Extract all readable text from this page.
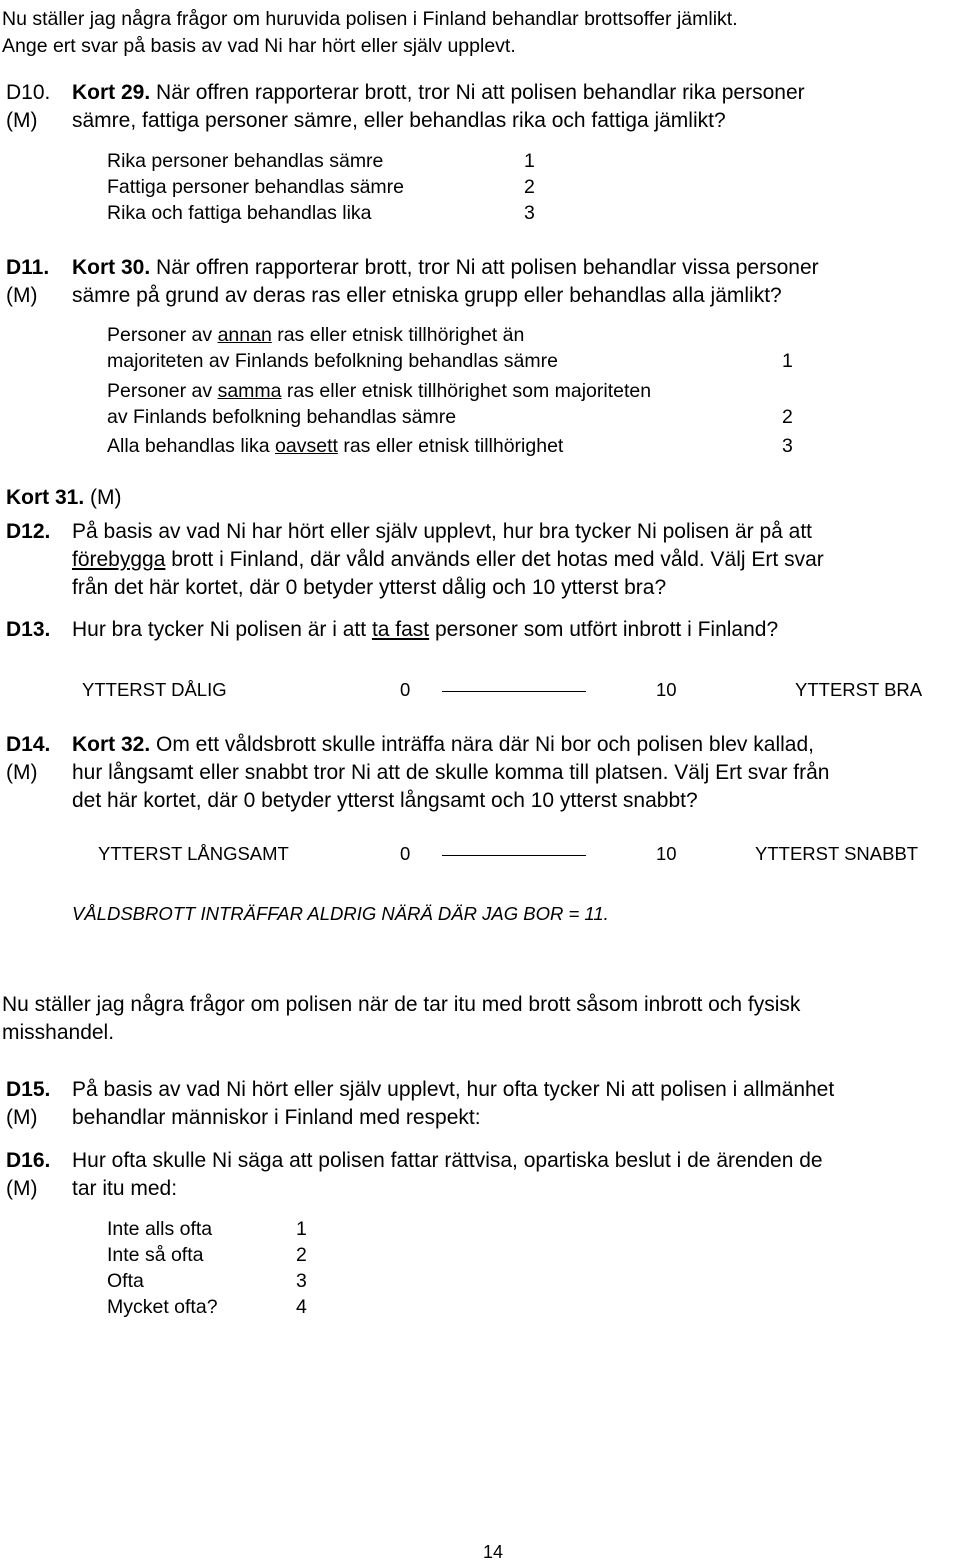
Nu ställer jag några frågor om huruvida polisen i Finland behandlar brottsoffer jämlikt.
Ange ert svar på basis av vad Ni har hört eller själv upplevt.
D10.
(M)
Kort 29. När offren rapporterar brott, tror Ni att polisen behandlar rika personer
sämre, fattiga personer sämre, eller behandlas rika och fattiga jämlikt?
Rika personer behandlas sämre	1
Fattiga personer behandlas sämre	2
Rika och fattiga behandlas lika	3
D11.
(M)
Kort 30. När offren rapporterar brott, tror Ni att polisen behandlar vissa personer
sämre på grund av deras ras eller etniska grupp eller behandlas alla jämlikt?
Personer av annan ras eller etnisk tillhörighet än
majoriteten av Finlands befolkning behandlas sämre	1
Personer av samma ras eller etnisk tillhörighet som majoriteten
av Finlands befolkning behandlas sämre	2
Alla behandlas lika oavsett ras eller etnisk tillhörighet	3
Kort 31. (M)
D12. På basis av vad Ni har hört eller själv upplevt, hur bra tycker Ni polisen är på att
förebygga brott i Finland, där våld används eller det hotas med våld. Välj Ert svar
från det här kortet, där 0 betyder ytterst dålig och 10 ytterst bra?
D13. Hur bra tycker Ni polisen är i att ta fast personer som utfört inbrott i Finland?
YTTERST DÅLIG	0	10	YTTERST BRA
D14.
(M)
Kort 32. Om ett våldsbrott skulle inträffa nära där Ni bor och polisen blev kallad,
hur långsamt eller snabbt tror Ni att de skulle komma till platsen. Välj Ert svar från
det här kortet, där 0 betyder ytterst långsamt och 10 ytterst snabbt?
YTTERST LÅNGSAMT	0	10	YTTERST SNABBT
VÅLDSBROTT INTRÄFFAR ALDRIG NÄRÄ DÄR JAG BOR = 11.
Nu ställer jag några frågor om polisen när de tar itu med brott såsom inbrott och fysisk
misshandel.
D15.
(M)
På basis av vad Ni hört eller själv upplevt, hur ofta tycker Ni att polisen i allmänhet
behandlar människor i Finland med respekt:
D16.
(M)
Hur ofta skulle Ni säga att polisen fattar rättvisa, opartiska beslut i de ärenden de
tar itu med:
Inte alls ofta	1
Inte så ofta	2
Ofta	3
Mycket ofta?	4
14
